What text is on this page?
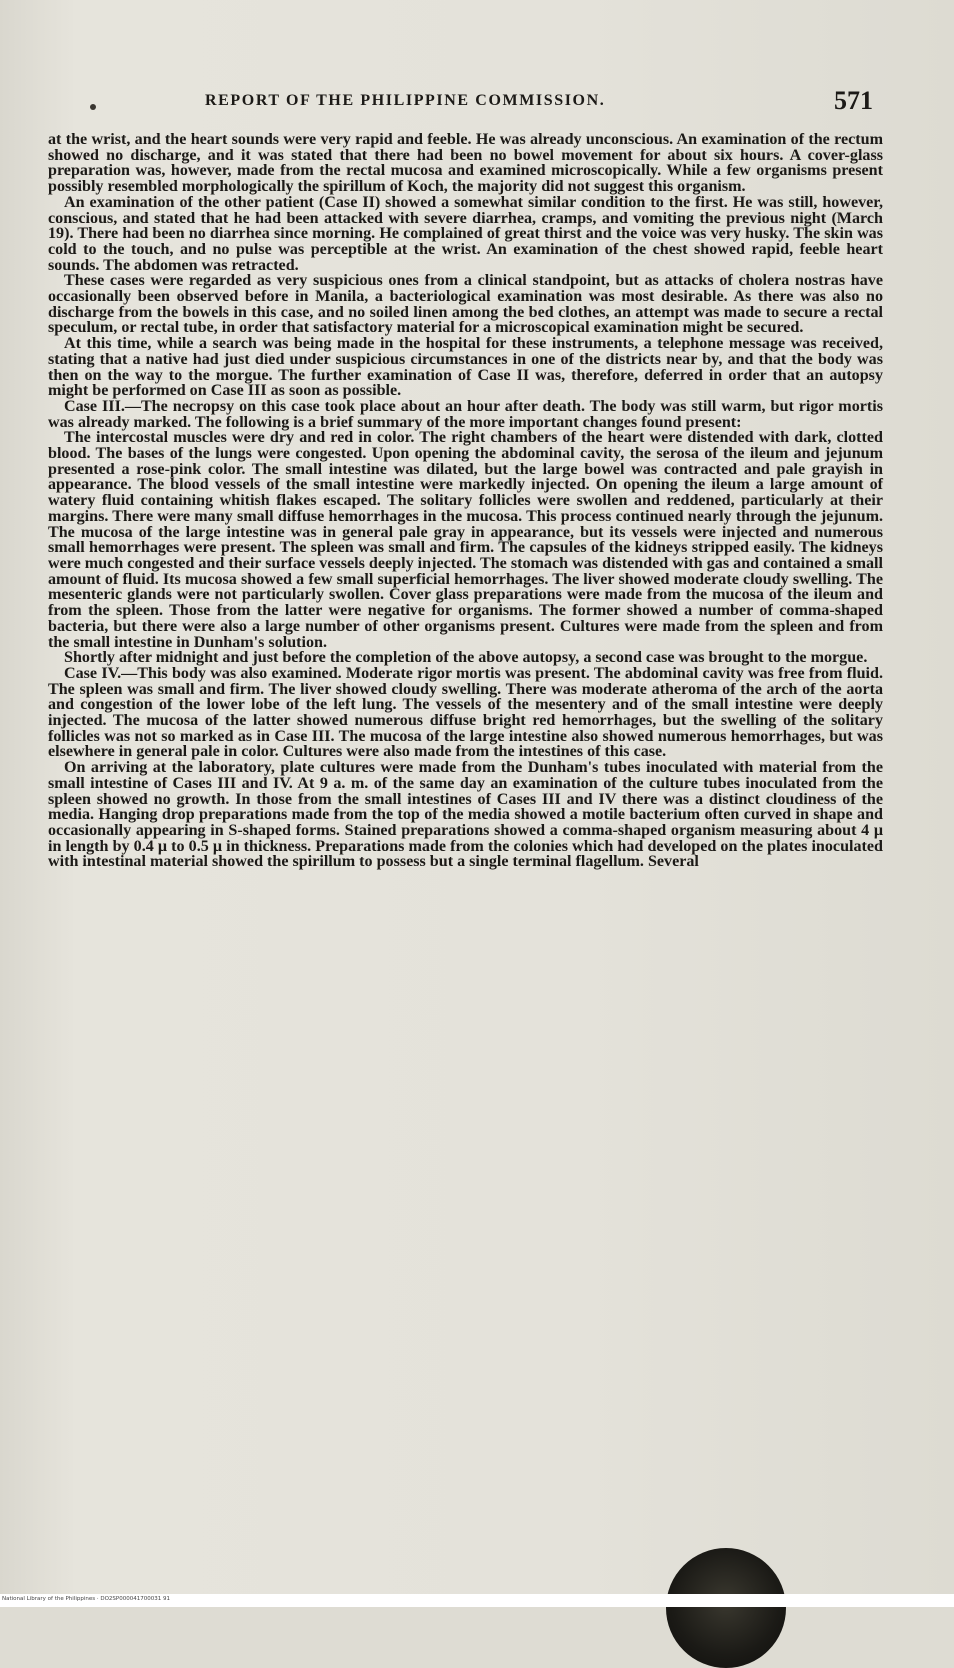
REPORT OF THE PHILIPPINE COMMISSION.	571

at the wrist, and the heart sounds were very rapid and feeble. He was already unconscious. An examination of the rectum showed no discharge, and it was stated that there had been no bowel movement for about six hours. A cover-glass preparation was, however, made from the rectal mucosa and examined microscopically. While a few organisms present possibly resembled morphologically the spirillum of Koch, the majority did not suggest this organism.

An examination of the other patient (Case II) showed a somewhat similar condition to the first. He was still, however, conscious, and stated that he had been attacked with severe diarrhea, cramps, and vomiting the previous night (March 19). There had been no diarrhea since morning. He complained of great thirst and the voice was very husky. The skin was cold to the touch, and no pulse was perceptible at the wrist. An examination of the chest showed rapid, feeble heart sounds. The abdomen was retracted.

These cases were regarded as very suspicious ones from a clinical standpoint, but as attacks of cholera nostras have occasionally been observed before in Manila, a bacteriological examination was most desirable. As there was also no discharge from the bowels in this case, and no soiled linen among the bed clothes, an attempt was made to secure a rectal speculum, or rectal tube, in order that satisfactory material for a microscopical examination might be secured.

At this time, while a search was being made in the hospital for these instruments, a telephone message was received, stating that a native had just died under suspicious circumstances in one of the districts near by, and that the body was then on the way to the morgue. The further examination of Case II was, therefore, deferred in order that an autopsy might be performed on Case III as soon as possible.

Case III.—The necropsy on this case took place about an hour after death. The body was still warm, but rigor mortis was already marked. The following is a brief summary of the more important changes found present:

The intercostal muscles were dry and red in color. The right chambers of the heart were distended with dark, clotted blood. The bases of the lungs were congested. Upon opening the abdominal cavity, the serosa of the ileum and jejunum presented a rose-pink color. The small intestine was dilated, but the large bowel was contracted and pale grayish in appearance. The blood vessels of the small intestine were markedly injected. On opening the ileum a large amount of watery fluid containing whitish flakes escaped. The solitary follicles were swollen and reddened, particularly at their margins. There were many small diffuse hemorrhages in the mucosa. This process continued nearly through the jejunum. The mucosa of the large intestine was in general pale gray in appearance, but its vessels were injected and numerous small hemorrhages were present. The spleen was small and firm. The capsules of the kidneys stripped easily. The kidneys were much congested and their surface vessels deeply injected. The stomach was distended with gas and contained a small amount of fluid. Its mucosa showed a few small superficial hemorrhages. The liver showed moderate cloudy swelling. The mesenteric glands were not particularly swollen. Cover glass preparations were made from the mucosa of the ileum and from the spleen. Those from the latter were negative for organisms. The former showed a number of comma-shaped bacteria, but there were also a large number of other organisms present. Cultures were made from the spleen and from the small intestine in Dunham's solution.

Shortly after midnight and just before the completion of the above autopsy, a second case was brought to the morgue.

Case IV.—This body was also examined. Moderate rigor mortis was present. The abdominal cavity was free from fluid. The spleen was small and firm. The liver showed cloudy swelling. There was moderate atheroma of the arch of the aorta and congestion of the lower lobe of the left lung. The vessels of the mesentery and of the small intestine were deeply injected. The mucosa of the latter showed numerous diffuse bright red hemorrhages, but the swelling of the solitary follicles was not so marked as in Case III. The mucosa of the large intestine also showed numerous hemorrhages, but was elsewhere in general pale in color. Cultures were also made from the intestines of this case.

On arriving at the laboratory, plate cultures were made from the Dunham's tubes inoculated with material from the small intestine of Cases III and IV. At 9 a. m. of the same day an examination of the culture tubes inoculated from the spleen showed no growth. In those from the small intestines of Cases III and IV there was a distinct cloudiness of the media. Hanging drop preparations made from the top of the media showed a motile bacterium often curved in shape and occasionally appearing in S-shaped forms. Stained preparations showed a comma-shaped organism measuring about 4 μ in length by 0.4 μ to 0.5 μ in thickness. Preparations made from the colonies which had developed on the plates inoculated with intestinal material showed the spirillum to possess but a single terminal flagellum. Several

National Library of the Philippines · DO2SP000041700031 91
